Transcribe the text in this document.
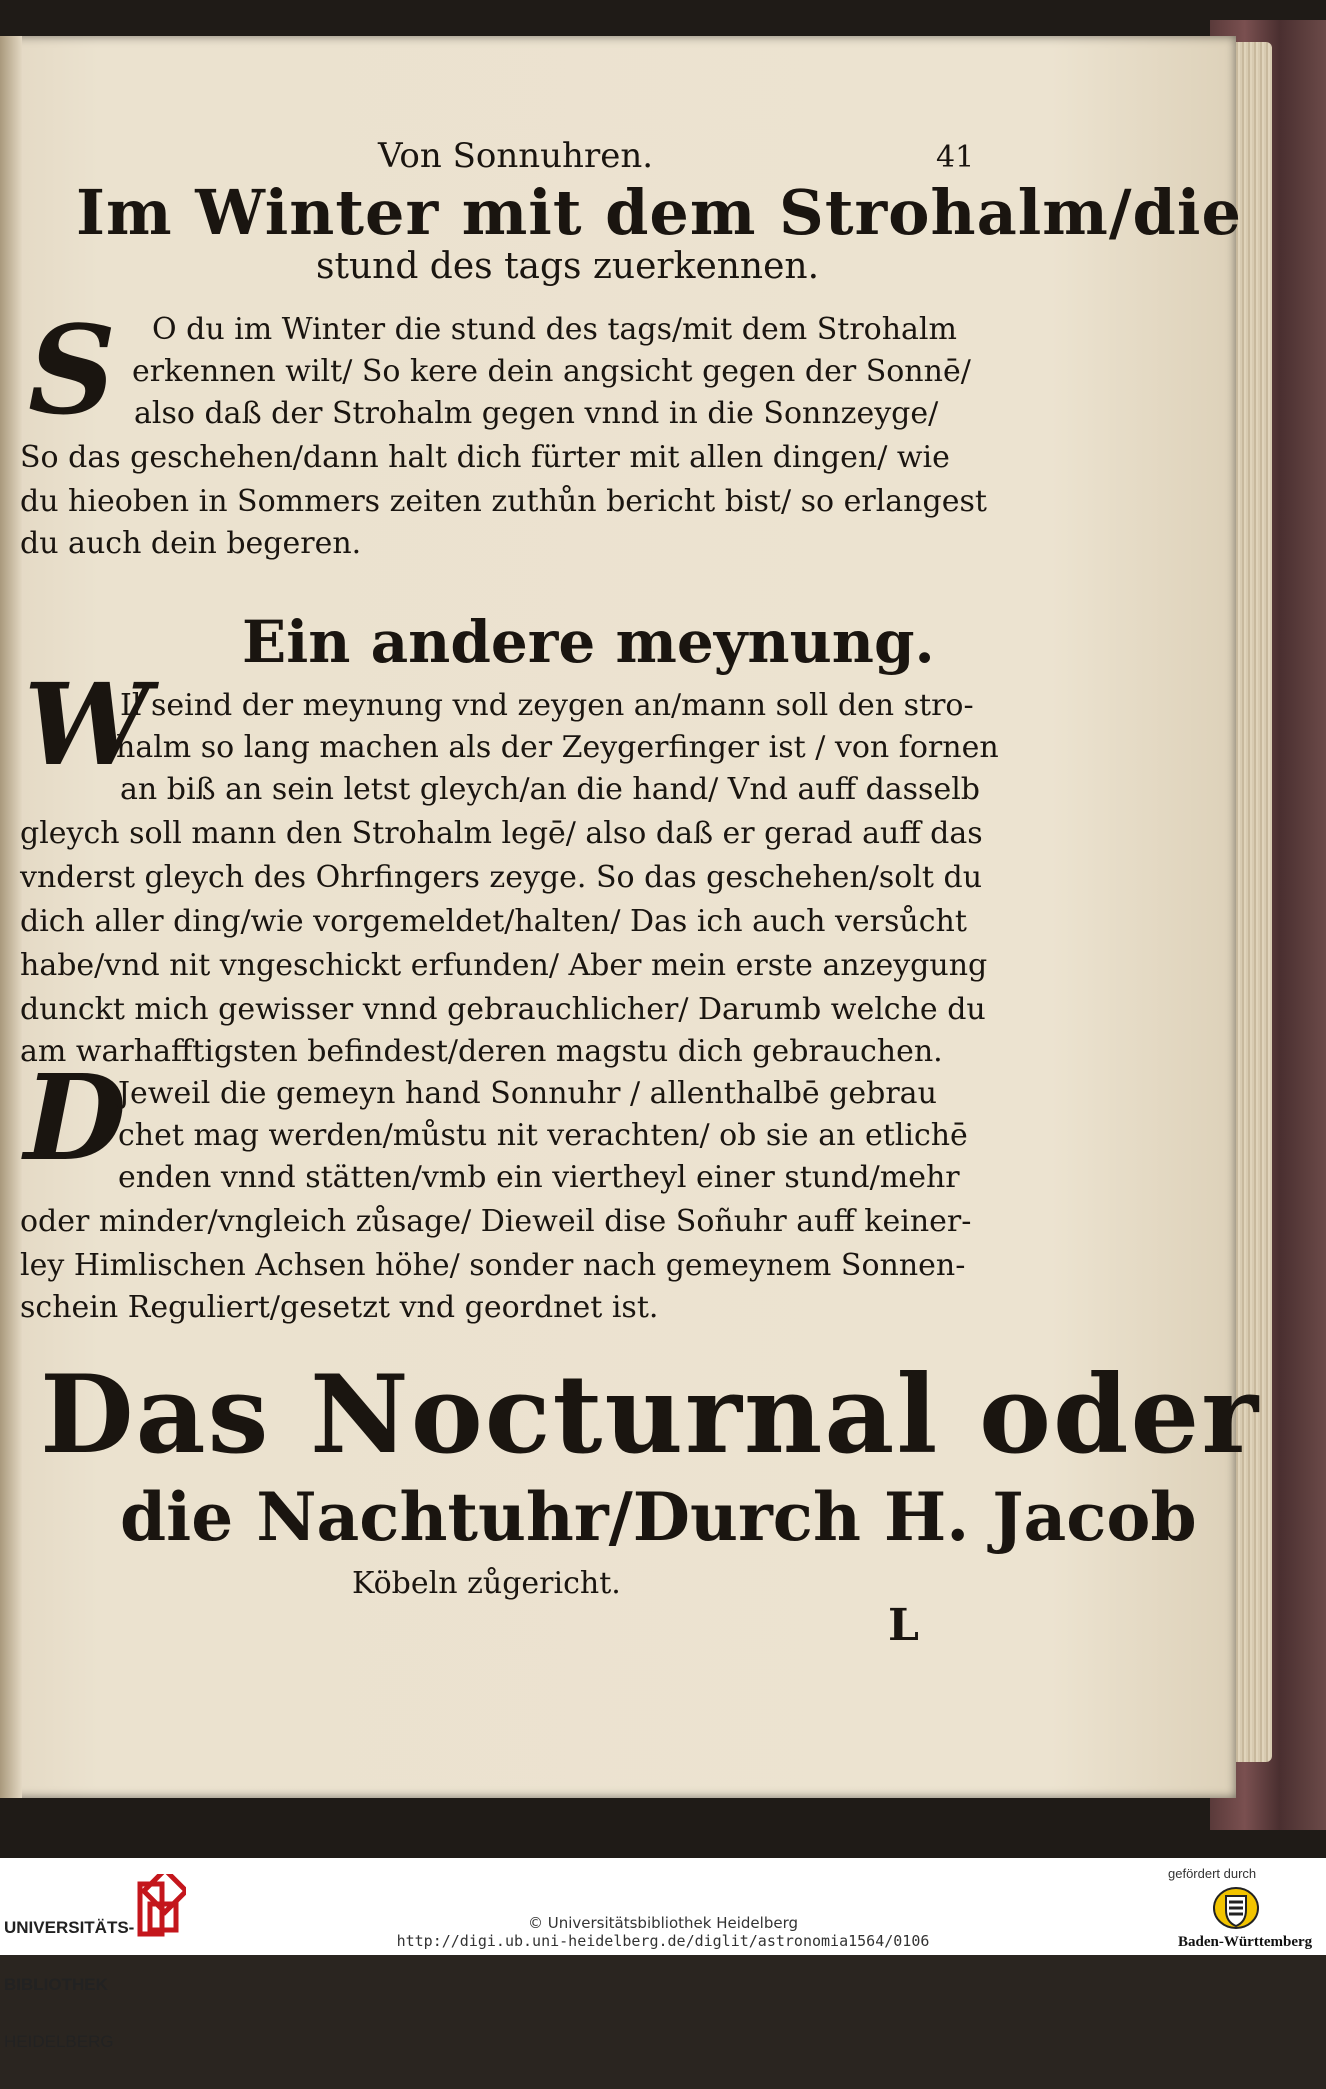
Von Sonnuhren.	41
Im Winter mit dem Strohalm/die
stund des tags zuerkennen.
S O du im Winter die stund des tags/mit dem Strohalm
erkennen wilt/ So kere dein angsicht gegen der Sonnē/
also daß der Strohalm gegen vnnd in die Sonnzeyge/
So das geschehen/dann halt dich fürter mit allen dingen/ wie
du hieoben in Sommers zeiten zuthůn bericht bist/ so erlangest
du auch dein begeren.
Ein andere meynung.
W
Il seind der meynung vnd zeygen an/mann soll den stro-
halm so lang machen als der Zeygerfinger ist / von fornen
an biß an sein letst gleych/an die hand/ Vnd auff dasselb
gleych soll mann den Strohalm legē/ also daß er gerad auff das
vnderst gleych des Ohrfingers zeyge. So das geschehen/solt du
dich aller ding/wie vorgemeldet/halten/ Das ich auch versůcht
habe/vnd nit vngeschickt erfunden/ Aber mein erste anzeygung
dunckt mich gewisser vnnd gebrauchlicher/ Darumb welche du
am warhafftigsten befindest/deren magstu dich gebrauchen.
D
Jeweil die gemeyn hand Sonnuhr / allenthalbē gebrau
chet mag werden/můstu nit verachten/ ob sie an etlichē
enden vnnd stätten/vmb ein viertheyl einer stund/mehr
oder minder/vngleich zůsage/ Dieweil dise Soñuhr auff keiner-
ley Himlischen Achsen höhe/ sonder nach gemeynem Sonnen-
schein Reguliert/gesetzt vnd geordnet ist.
Das Nocturnal oder
die Nachtuhr/Durch H. Jacob
Köbeln zůgericht.
L

UNIVERSITÄTS-

BIBLIOTHEK

HEIDELBERG

© Universitätsbibliothek Heidelberg
http://digi.ub.uni-heidelberg.de/diglit/astronomia1564/0106
gefördert durch
Baden-Württemberg
